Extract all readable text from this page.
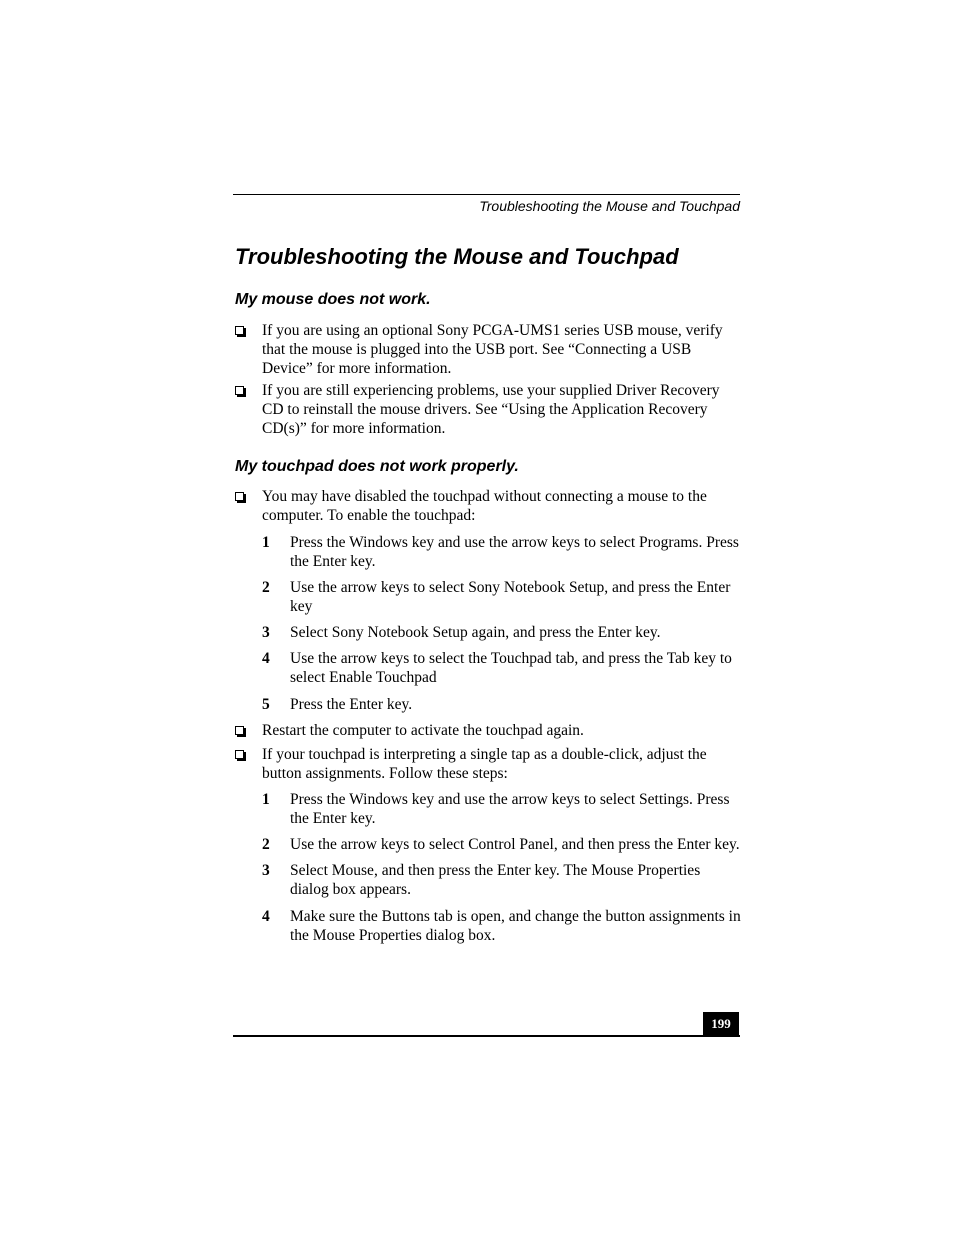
Troubleshooting the Mouse and Touchpad
Troubleshooting the Mouse and Touchpad
My mouse does not work.
If you are using an optional Sony PCGA-UMS1 series USB mouse, verify that the mouse is plugged into the USB port. See “Connecting a USB Device” for more information.
If you are still experiencing problems, use your supplied Driver Recovery CD to reinstall the mouse drivers. See “Using the Application Recovery CD(s)” for more information.
My touchpad does not work properly.
You may have disabled the touchpad without connecting a mouse to the computer. To enable the touchpad:
1 Press the Windows key and use the arrow keys to select Programs. Press the Enter key.
2 Use the arrow keys to select Sony Notebook Setup, and press the Enter key
3 Select Sony Notebook Setup again, and press the Enter key.
4 Use the arrow keys to select the Touchpad tab, and press the Tab key to select Enable Touchpad
5 Press the Enter key.
Restart the computer to activate the touchpad again.
If your touchpad is interpreting a single tap as a double-click, adjust the button assignments. Follow these steps:
1 Press the Windows key and use the arrow keys to select Settings. Press the Enter key.
2 Use the arrow keys to select Control Panel, and then press the Enter key.
3 Select Mouse, and then press the Enter key. The Mouse Properties dialog box appears.
4 Make sure the Buttons tab is open, and change the button assignments in the Mouse Properties dialog box.
199
